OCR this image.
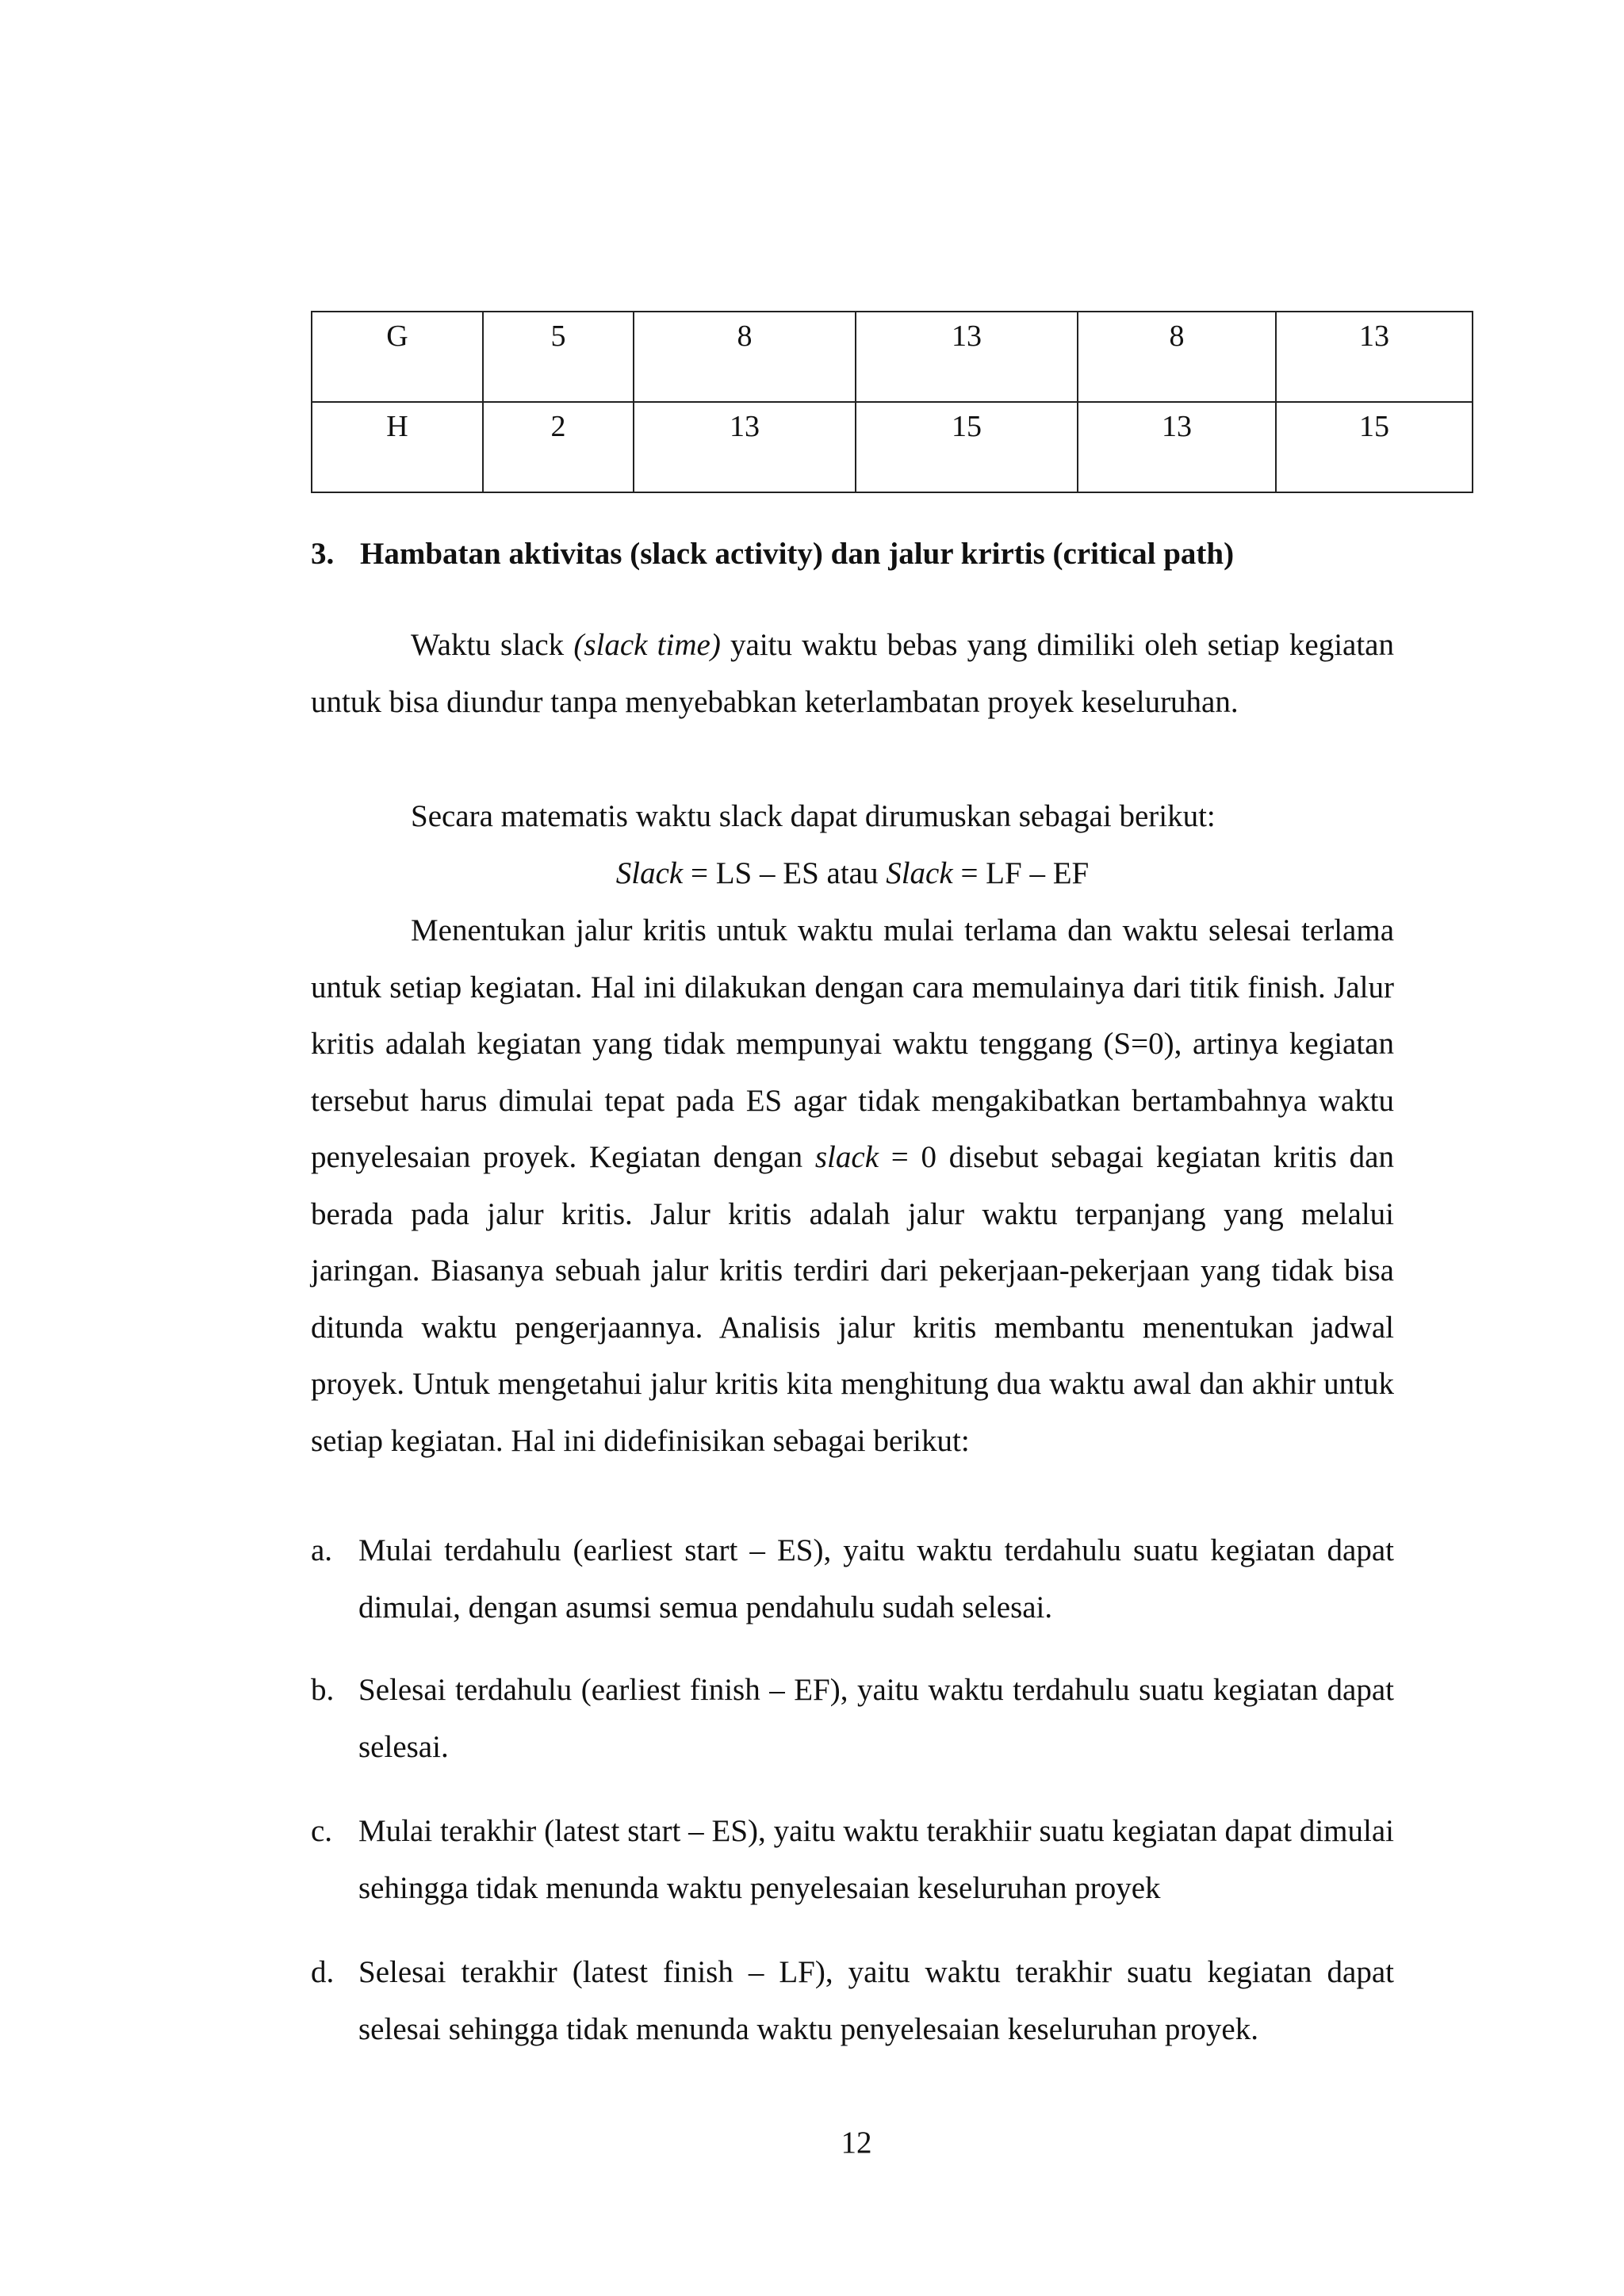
G	5	8	13	8	13
H	2	13	15	13	15
3. Hambatan aktivitas (slack activity) dan jalur krirtis (critical path)

Waktu slack (slack time) yaitu waktu bebas yang dimiliki oleh setiap kegiatan untuk bisa diundur tanpa menyebabkan keterlambatan proyek keseluruhan.

Secara matematis waktu slack dapat dirumuskan sebagai berikut:

Slack = LS – ES atau Slack = LF – EF

Menentukan jalur kritis untuk waktu mulai terlama dan waktu selesai terlama untuk setiap kegiatan. Hal ini dilakukan dengan cara memulainya dari titik finish. Jalur kritis adalah kegiatan yang tidak mempunyai waktu tenggang (S=0), artinya kegiatan tersebut harus dimulai tepat pada ES agar tidak mengakibatkan bertambahnya waktu penyelesaian proyek. Kegiatan dengan slack = 0 disebut sebagai kegiatan kritis dan berada pada jalur kritis. Jalur kritis adalah jalur waktu terpanjang yang melalui jaringan. Biasanya sebuah jalur kritis terdiri dari pekerjaan-pekerjaan yang tidak bisa ditunda waktu pengerjaannya. Analisis jalur kritis membantu menentukan jadwal proyek. Untuk mengetahui jalur kritis kita menghitung dua waktu awal dan akhir untuk setiap kegiatan. Hal ini didefinisikan sebagai berikut:

a. Mulai terdahulu (earliest start – ES), yaitu waktu terdahulu suatu kegiatan dapat dimulai, dengan asumsi semua pendahulu sudah selesai.
b. Selesai terdahulu (earliest finish – EF), yaitu waktu terdahulu suatu kegiatan dapat selesai.
c. Mulai terakhir (latest start – ES), yaitu waktu terakhiir suatu kegiatan dapat dimulai sehingga tidak menunda waktu penyelesaian keseluruhan proyek
d. Selesai terakhir (latest finish – LF), yaitu waktu terakhir suatu kegiatan dapat selesai sehingga tidak menunda waktu penyelesaian keseluruhan proyek.
12
